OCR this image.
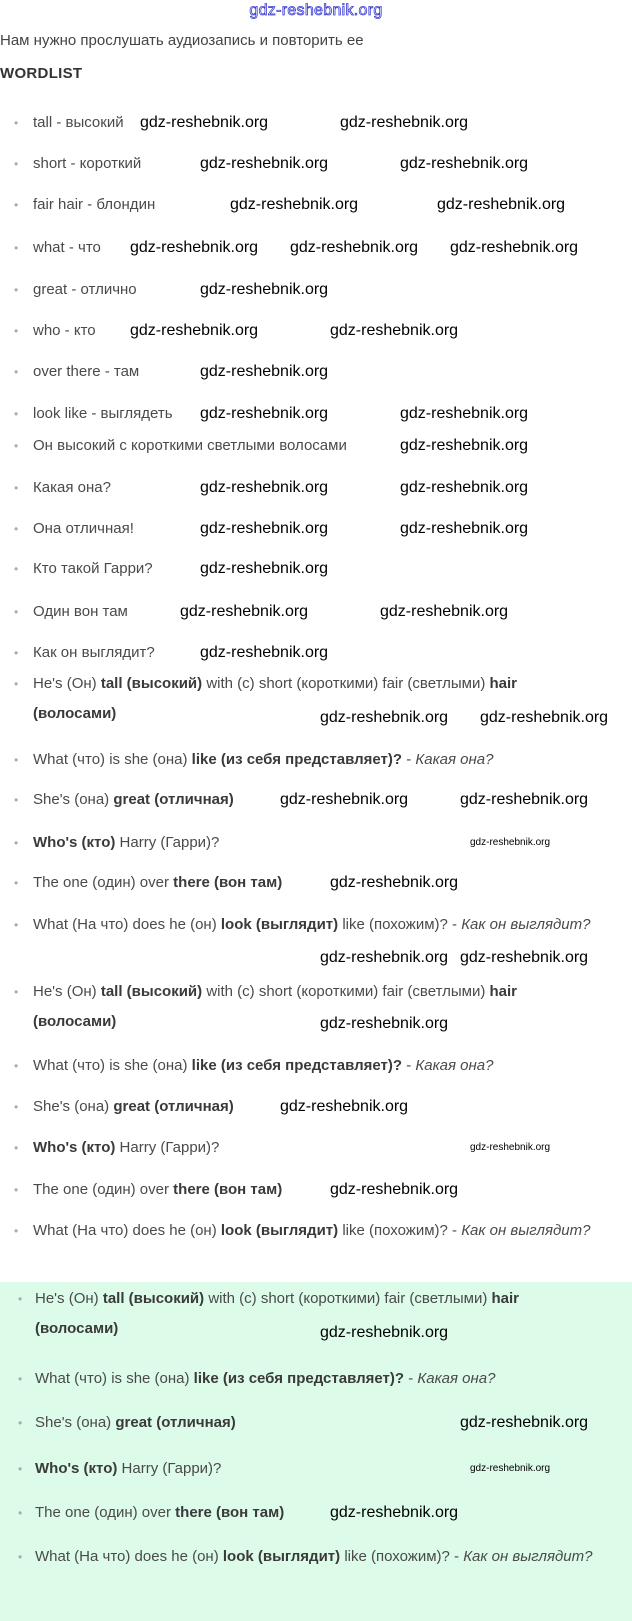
gdz-reshebnik.org
Нам нужно прослушать аудиозапись и повторить ее
WORDLIST
• tall - высокий
• short - короткий
• fair hair - блондин
• what - что
• great - отлично
• who - кто
• over there - там
• look like - выглядеть
• Он высокий с короткими светлыми волосами
• Какая она?
• Она отличная!
• Кто такой Гарри?
• Один вон там
• Как он выглядит?
• He's (Он) tall (высокий) with (с) short (короткими) fair (светлыми) hair (волосами)
• What (что) is she (она) like (из себя представляет)? - Какая она?
• She's (она) great (отличная)
• Who's (кто) Harry (Гарри)?
• The one (один) over there (вон там)
• What (На что) does he (он) look (выглядит) like (похожим)? - Как он выглядит?
• He's (Он) tall (высокий) with (с) short (короткими) fair (светлыми) hair (волосами)
• What (что) is she (она) like (из себя представляет)? - Какая она?
• She's (она) great (отличная)
• Who's (кто) Harry (Гарри)?
• The one (один) over there (вон там)
• What (На что) does he (он) look (выглядит) like (похожим)? - Как он выглядит?
• He's (Он) tall (высокий) with (с) short (короткими) fair (светлыми) hair (волосами)
• What (что) is she (она) like (из себя представляет)? - Какая она?
• She's (она) great (отличная)
• Who's (кто) Harry (Гарри)?
• The one (один) over there (вон там)
• What (На что) does he (он) look (выглядит) like (похожим)? - Как он выглядит?
gdz-reshebnik.org	gdz-reshebnik.org
gdz-reshebnik.org	gdz-reshebnik.org
gdz-reshebnik.org	gdz-reshebnik.org
gdz-reshebnik.org gdz-reshebnik.org gdz-reshebnik.org
gdz-reshebnik.org
gdz-reshebnik.org	gdz-reshebnik.org
gdz-reshebnik.org
gdz-reshebnik.org	gdz-reshebnik.org
gdz-reshebnik.org
gdz-reshebnik.org	gdz-reshebnik.org
gdz-reshebnik.org	gdz-reshebnik.org
gdz-reshebnik.org
gdz-reshebnik.org	gdz-reshebnik.org
gdz-reshebnik.org
gdz-reshebnik.org gdz-reshebnik.org
gdz-reshebnik.org	gdz-reshebnik.org
gdz-reshebnik.org
gdz-reshebnik.org gdz-reshebnik.org
gdz-reshebnik.org
gdz-reshebnik.org
gdz-reshebnik.org
gdz-reshebnik.org
gdz-reshebnik.org
gdz-reshebnik.org
gdz-reshebnik.org
gdz-reshebnik.org
gdz-reshebnik.org
